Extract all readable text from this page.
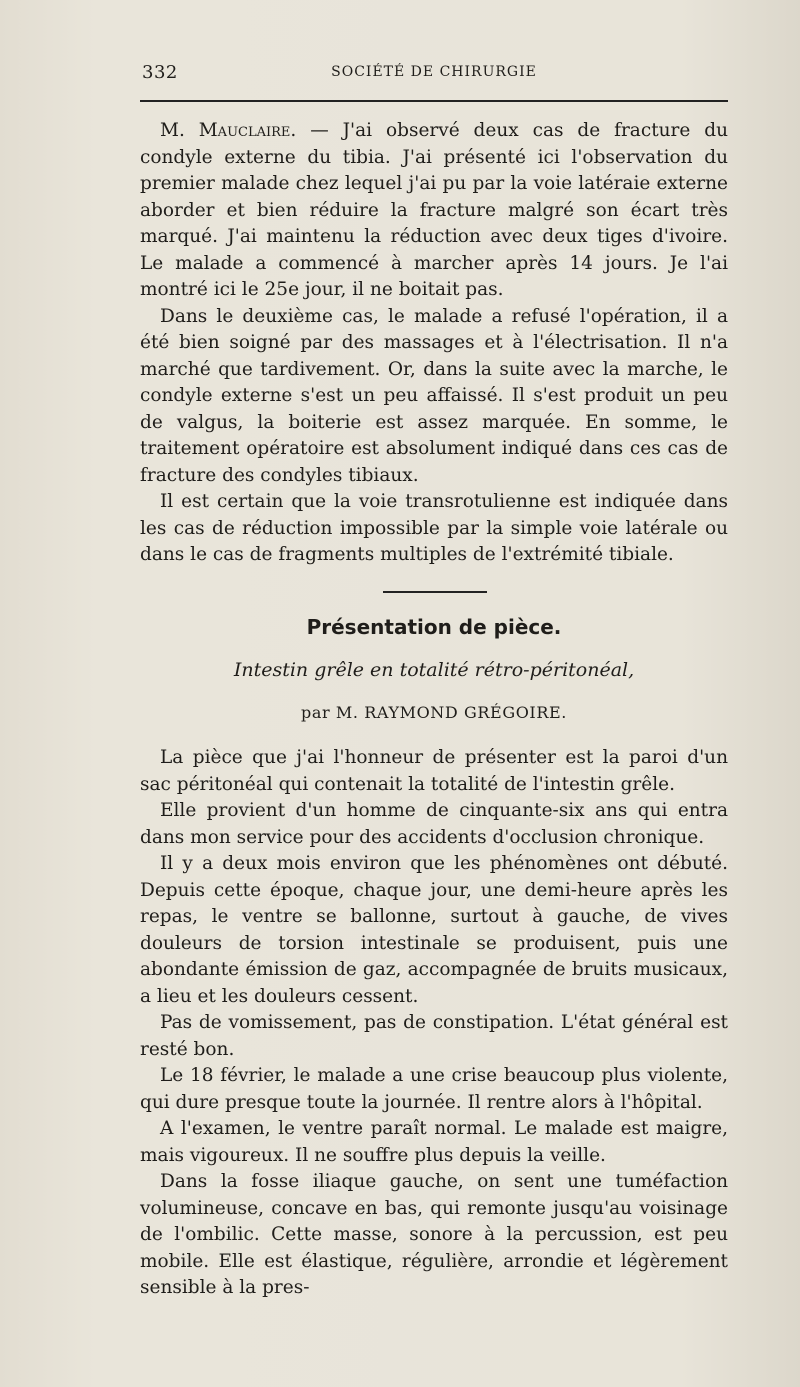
332	SOCIÉTÉ DE CHIRURGIE

M. Mauclaire. — J'ai observé deux cas de fracture du condyle externe du tibia. J'ai présenté ici l'observation du premier malade chez lequel j'ai pu par la voie latéraie externe aborder et bien réduire la fracture malgré son écart très marqué. J'ai maintenu la réduction avec deux tiges d'ivoire. Le malade a commencé à marcher après 14 jours. Je l'ai montré ici le 25e jour, il ne boitait pas.

Dans le deuxième cas, le malade a refusé l'opération, il a été bien soigné par des massages et à l'électrisation. Il n'a marché que tardivement. Or, dans la suite avec la marche, le condyle externe s'est un peu affaissé. Il s'est produit un peu de valgus, la boiterie est assez marquée. En somme, le traitement opératoire est absolument indiqué dans ces cas de fracture des condyles tibiaux.

Il est certain que la voie transrotulienne est indiquée dans les cas de réduction impossible par la simple voie latérale ou dans le cas de fragments multiples de l'extrémité tibiale.

Présentation de pièce.
Intestin grêle en totalité rétro-péritonéal,
par M. RAYMOND GRÉGOIRE.

La pièce que j'ai l'honneur de présenter est la paroi d'un sac péritonéal qui contenait la totalité de l'intestin grêle.

Elle provient d'un homme de cinquante-six ans qui entra dans mon service pour des accidents d'occlusion chronique.

Il y a deux mois environ que les phénomènes ont débuté. Depuis cette époque, chaque jour, une demi-heure après les repas, le ventre se ballonne, surtout à gauche, de vives douleurs de torsion intestinale se produisent, puis une abondante émission de gaz, accompagnée de bruits musicaux, a lieu et les douleurs cessent.

Pas de vomissement, pas de constipation. L'état général est resté bon.

Le 18 février, le malade a une crise beaucoup plus violente, qui dure presque toute la journée. Il rentre alors à l'hôpital.

A l'examen, le ventre paraît normal. Le malade est maigre, mais vigoureux. Il ne souffre plus depuis la veille.

Dans la fosse iliaque gauche, on sent une tuméfaction volumineuse, concave en bas, qui remonte jusqu'au voisinage de l'ombilic. Cette masse, sonore à la percussion, est peu mobile. Elle est élastique, régulière, arrondie et légèrement sensible à la pres-
